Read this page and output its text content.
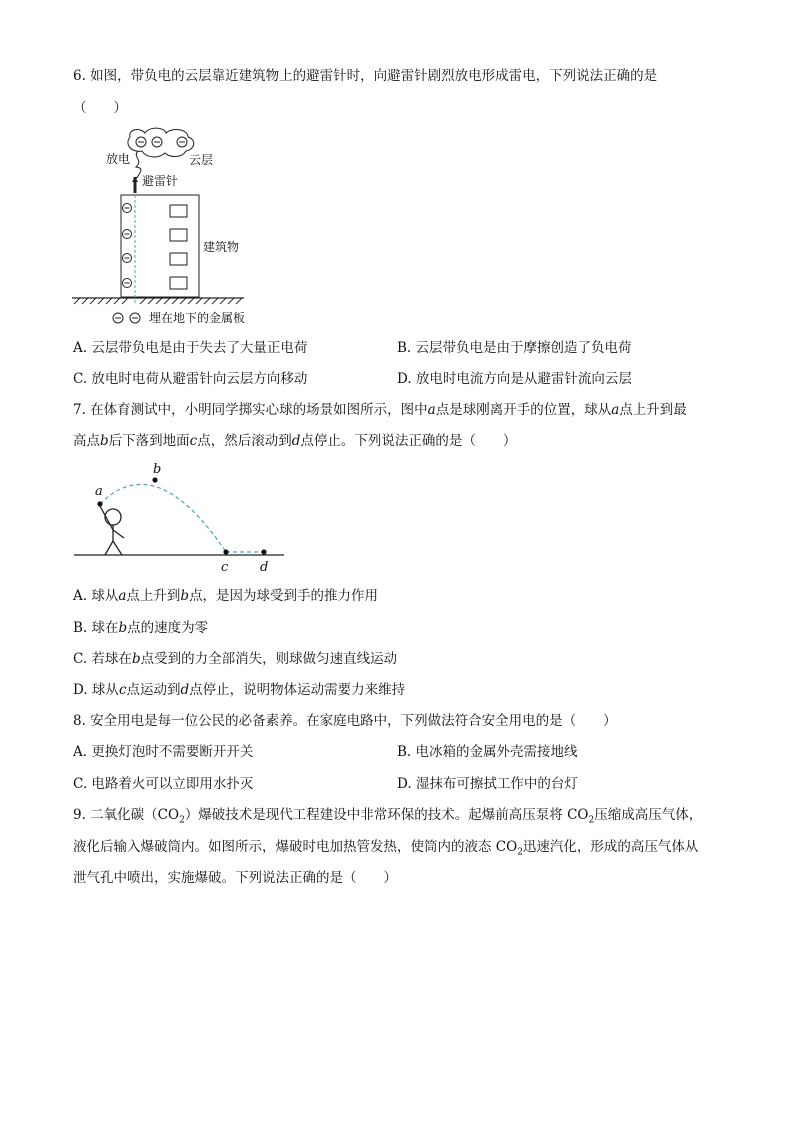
6. 如图，带负电的云层靠近建筑物上的避雷针时，向避雷针剧烈放电形成雷电，下列说法正确的是
（　　）
放电	云层
避雷针
建筑物
埋在地下的金属板
A. 云层带负电是由于失去了大量正电荷	B. 云层带负电是由于摩擦创造了负电荷
C. 放电时电荷从避雷针向云层方向移动	D. 放电时电流方向是从避雷针流向云层
7. 在体育测试中，小明同学掷实心球的场景如图所示，图中a点是球刚离开手的位置，球从a点上升到最
高点b后下落到地面c点，然后滚动到d点停止。下列说法正确的是（　　）
a
b
c d
A. 球从a点上升到b点，是因为球受到手的推力作用
B. 球在b点的速度为零
C. 若球在b点受到的力全部消失，则球做匀速直线运动
D. 球从c点运动到d点停止，说明物体运动需要力来维持
8. 安全用电是每一位公民的必备素养。在家庭电路中，下列做法符合安全用电的是（　　）
A. 更换灯泡时不需要断开开关	B. 电冰箱的金属外壳需接地线
C. 电路着火可以立即用水扑灭	D. 湿抹布可擦拭工作中的台灯
9. 二氧化碳$(CO_2)$爆破技术是现代工程建设中非常环保的技术。起爆前高压泵将 $CO_2$压缩成高压气体，
液化后输入爆破筒内。如图所示，爆破时电加热管发热，使筒内的液态 $CO_2$迅速汽化，形成的高压气体从
泄气孔中喷出，实施爆破。下列说法正确的是（　　）
